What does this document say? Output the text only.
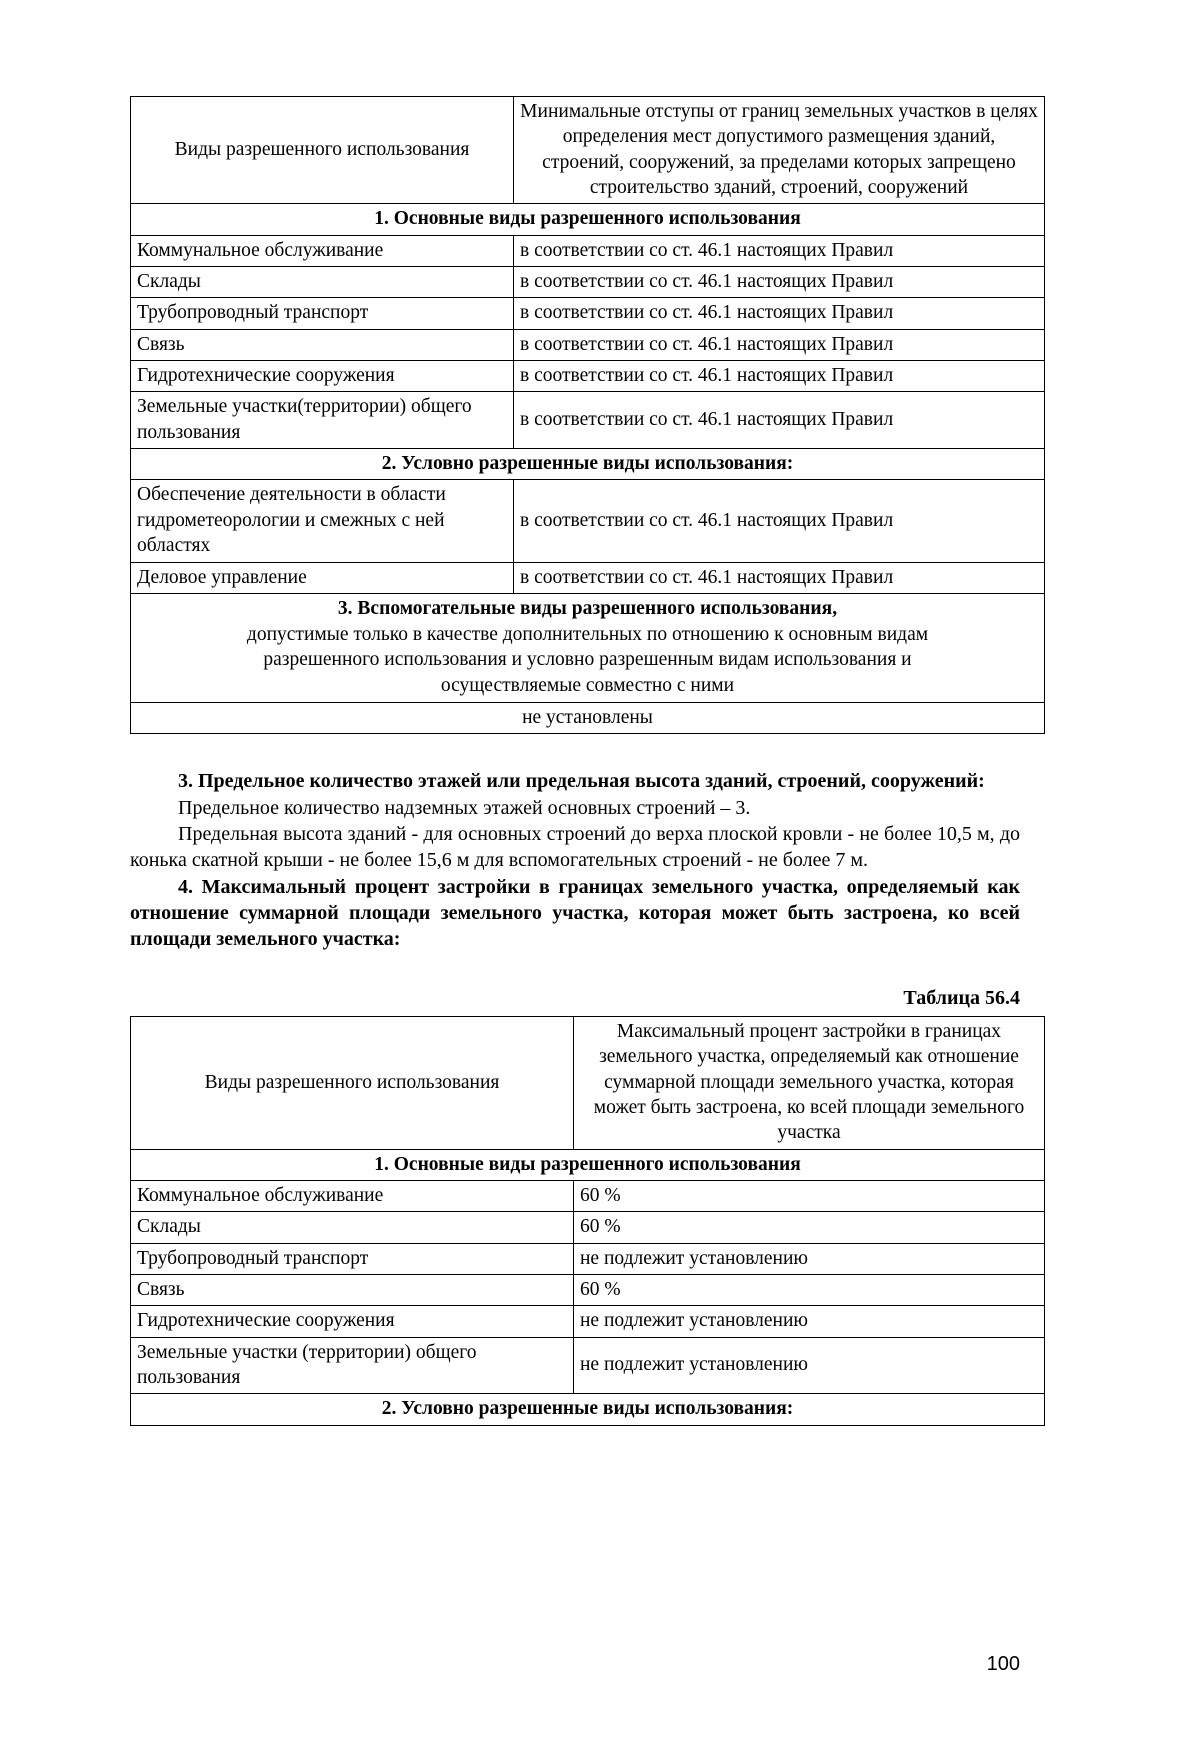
Виды разрешенного использования	Минимальные отступы от границ земельных участков в целях определения мест допустимого размещения зданий, строений, сооружений, за пределами которых запрещено строительство зданий, строений, сооружений
1. Основные виды разрешенного использования	
Коммунальное обслуживание	в соответствии со ст. 46.1 настоящих Правил
Склады	в соответствии со ст. 46.1 настоящих Правил
Трубопроводный транспорт	в соответствии со ст. 46.1 настоящих Правил
Связь	в соответствии со ст. 46.1 настоящих Правил
Гидротехнические сооружения	в соответствии со ст. 46.1 настоящих Правил
Земельные участки(территории) общего пользования	в соответствии со ст. 46.1 настоящих Правил
2. Условно разрешенные виды использования:	
Обеспечение деятельности в области гидрометеорологии и смежных с ней областях	в соответствии со ст. 46.1 настоящих Правил
Деловое управление	в соответствии со ст. 46.1 настоящих Правил

3. Вспомогательные виды разрешенного использования,
допустимые только в качестве дополнительных по отношению к основным видам
разрешенного использования и условно разрешенным видам использования и
осуществляемые совместно с ними	

не установлены	

3. Предельное количество этажей или предельная высота зданий, строений, сооружений:

Предельное количество надземных этажей основных строений – 3.

Предельная высота зданий - для основных строений до верха плоской кровли - не более 10,5 м, до конька скатной крыши - не более 15,6 м для вспомогательных строений - не более 7 м.

4. Максимальный процент застройки в границах земельного участка, определяемый как отношение суммарной площади земельного участка, которая может быть застроена, ко всей площади земельного участка:

Таблица 56.4

Виды разрешенного использования	Максимальный процент застройки в границах земельного участка, определяемый как отношение суммарной площади земельного участка, которая может быть застроена, ко всей площади земельного участка
1. Основные виды разрешенного использования	
Коммунальное обслуживание	60 %
Склады	60 %
Трубопроводный транспорт	не подлежит установлению
Связь	60 %
Гидротехнические сооружения	не подлежит установлению
Земельные участки (территории) общего пользования	не подлежит установлению
2. Условно разрешенные виды использования:	
100
